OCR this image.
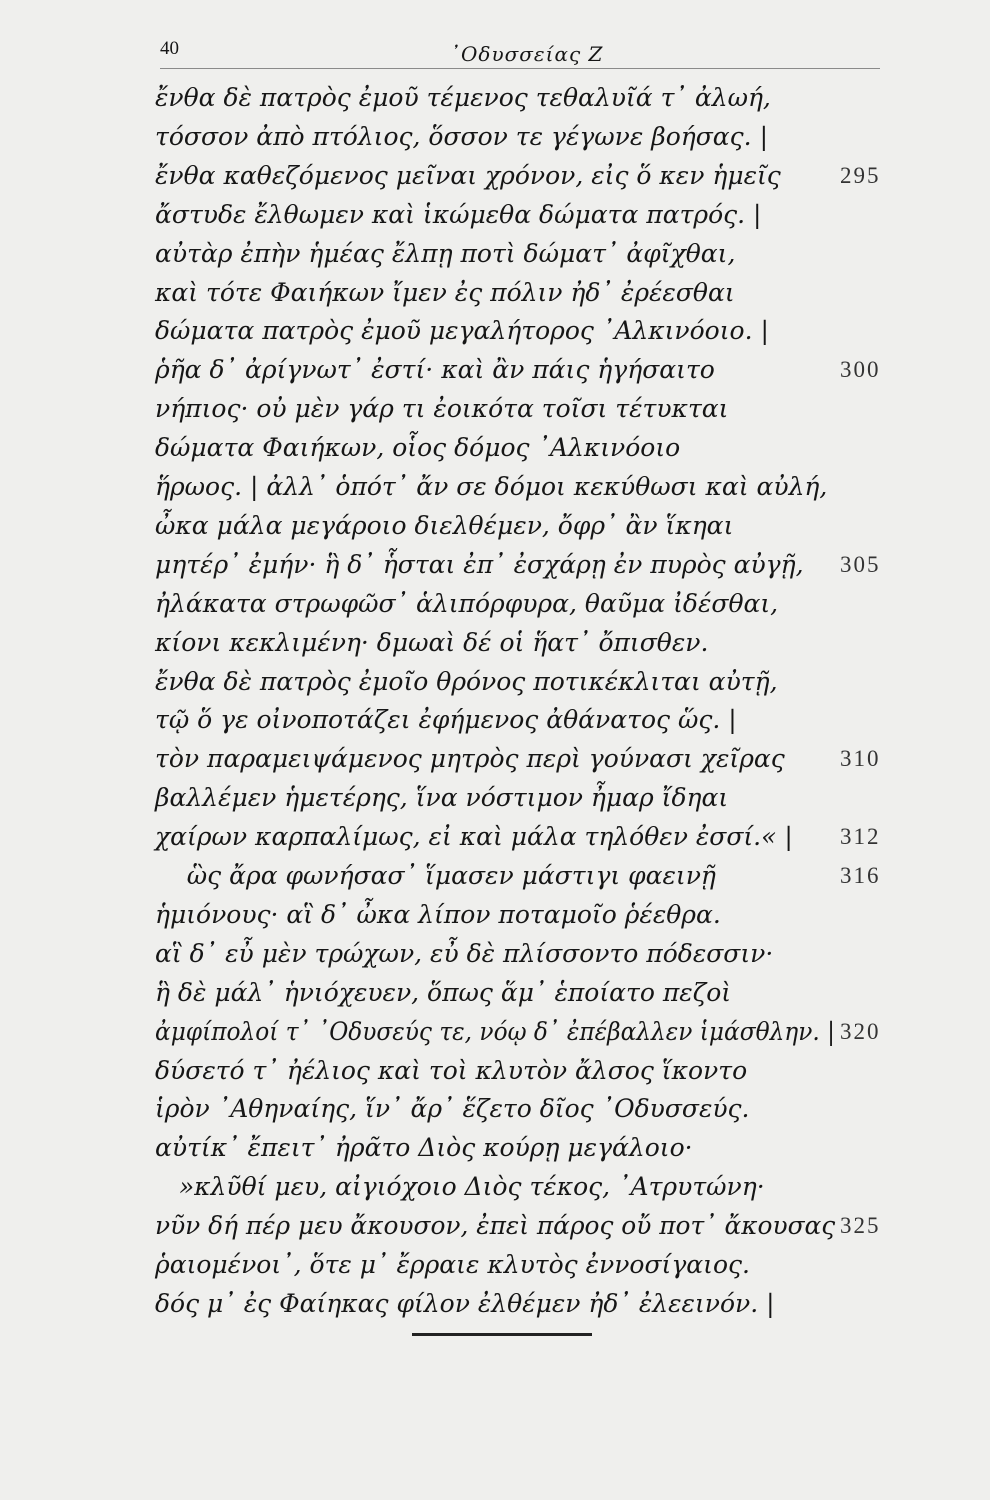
40	᾿Οδυσσείας Ζ
ἔνθα δὲ πατρὸς ἐμοῦ τέμενος τεθαλυῖά τ᾿ ἀλωή,
τόσσον ἀπὸ πτόλιος, ὅσσον τε γέγωνε βοήσας. |
ἔνθα καθεζόμενος μεῖναι χρόνον, εἰς ὅ κεν ἡμεῖς	295
ἄστυδε ἔλθωμεν καὶ ἱκώμεθα δώματα πατρός. |
αὐτὰρ ἐπὴν ἡμέας ἔλπῃ ποτὶ δώματ᾿ ἀφῖχθαι,
καὶ τότε Φαιήκων ἴμεν ἐς πόλιν ἠδ᾿ ἐρέεσθαι
δώματα πατρὸς ἐμοῦ μεγαλήτορος ᾿Αλκινόοιο. |
ῥῆα δ᾿ ἀρίγνωτ᾿ ἐστί· καὶ ἂν πάις ἡγήσαιτο	300
νήπιος· οὐ μὲν γάρ τι ἐοικότα τοῖσι τέτυκται
δώματα Φαιήκων, οἷος δόμος ᾿Αλκινόοιο
ἥρωος. | ἀλλ᾿ ὁπότ᾿ ἄν σε δόμοι κεκύθωσι καὶ αὐλή,
ὦκα μάλα μεγάροιο διελθέμεν, ὄφρ᾿ ἂν ἵκηαι
μητέρ᾿ ἐμήν· ἣ δ᾿ ἧσται ἐπ᾿ ἐσχάρῃ ἐν πυρὸς αὐγῇ, 305
ἠλάκατα στρωφῶσ᾿ ἁλιπόρφυρα, θαῦμα ἰδέσθαι,
κίονι κεκλιμένη· δμωαὶ δέ οἱ ἥατ᾿ ὄπισθεν.
ἔνθα δὲ πατρὸς ἐμοῖο θρόνος ποτικέκλιται αὐτῇ,
τῷ ὅ γε οἰνοποτάζει ἐφήμενος ἀθάνατος ὥς. |
τὸν παραμειψάμενος μητρὸς περὶ γούνασι χεῖρας 310
βαλλέμεν ἡμετέρης, ἵνα νόστιμον ἦμαρ ἴδηαι
χαίρων καρπαλίμως, εἰ καὶ μάλα τηλόθεν ἐσσί.« | 312
ὣς ἄρα φωνήσασ᾿ ἵμασεν μάστιγι φαεινῇ	316
ἡμιόνους· αἳ δ᾿ ὦκα λίπον ποταμοῖο ῥέεθρα.
αἳ δ᾿ εὖ μὲν τρώχων, εὖ δὲ πλίσσοντο πόδεσσιν·
ἣ δὲ μάλ᾿ ἡνιόχευεν, ὅπως ἅμ᾿ ἑποίατο πεζοὶ
ἀμφίπολοί τ᾿ ᾿Οδυσεύς τε, νόῳ δ᾿ ἐπέβαλλεν ἱμάσθλην. | 320
δύσετό τ᾿ ἠέλιος καὶ τοὶ κλυτὸν ἄλσος ἵκοντο
ἱρὸν ᾿Αθηναίης, ἵν᾿ ἄρ᾿ ἕζετο δῖος ᾿Οδυσσεύς.
αὐτίκ᾿ ἔπειτ᾿ ἠρᾶτο Διὸς κούρῃ μεγάλοιο·
»κλῦθί μευ, αἰγιόχοιο Διὸς τέκος, ᾿Ατρυτώνη·
νῦν δή πέρ μευ ἄκουσον, ἐπεὶ πάρος οὔ ποτ᾿ ἄκουσας 325
ῥαιομένοι᾿, ὅτε μ᾿ ἔρραιε κλυτὸς ἐννοσίγαιος.
δός μ᾿ ἐς Φαίηκας φίλον ἐλθέμεν ἠδ᾿ ἐλεεινόν. |
